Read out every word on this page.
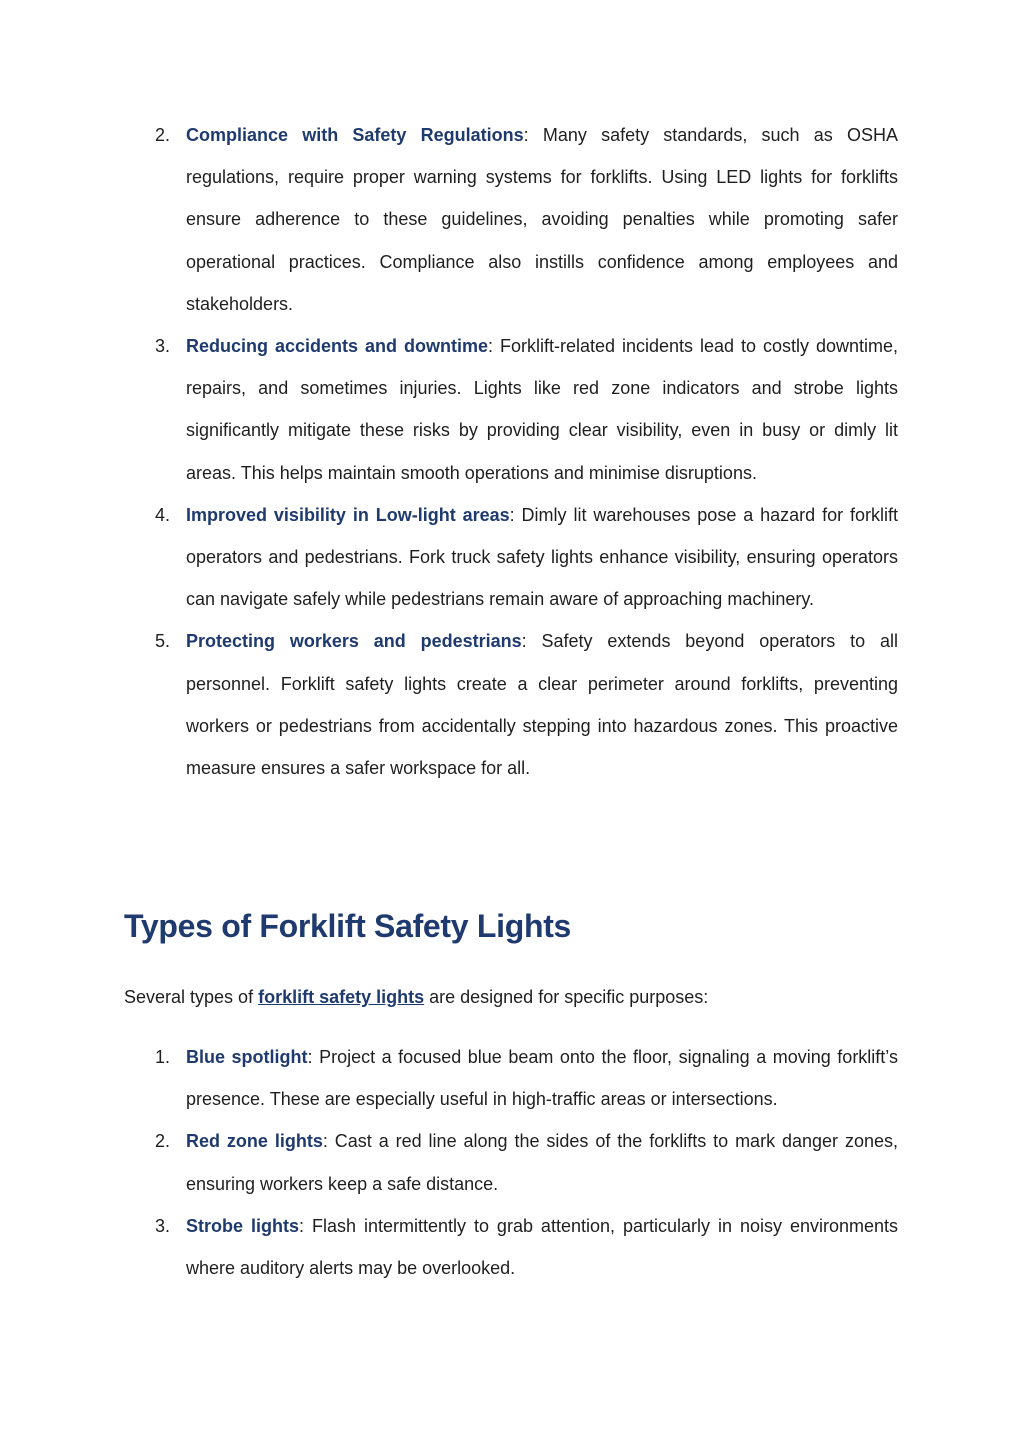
2. Compliance with Safety Regulations: Many safety standards, such as OSHA regulations, require proper warning systems for forklifts. Using LED lights for forklifts ensure adherence to these guidelines, avoiding penalties while promoting safer operational practices. Compliance also instills confidence among employees and stakeholders.
3. Reducing accidents and downtime: Forklift-related incidents lead to costly downtime, repairs, and sometimes injuries. Lights like red zone indicators and strobe lights significantly mitigate these risks by providing clear visibility, even in busy or dimly lit areas. This helps maintain smooth operations and minimise disruptions.
4. Improved visibility in Low-light areas: Dimly lit warehouses pose a hazard for forklift operators and pedestrians. Fork truck safety lights enhance visibility, ensuring operators can navigate safely while pedestrians remain aware of approaching machinery.
5. Protecting workers and pedestrians: Safety extends beyond operators to all personnel. Forklift safety lights create a clear perimeter around forklifts, preventing workers or pedestrians from accidentally stepping into hazardous zones. This proactive measure ensures a safer workspace for all.
Types of Forklift Safety Lights

Several types of forklift safety lights are designed for specific purposes:

1. Blue spotlight: Project a focused blue beam onto the floor, signaling a moving forklift’s presence. These are especially useful in high-traffic areas or intersections.
2. Red zone lights: Cast a red line along the sides of the forklifts to mark danger zones, ensuring workers keep a safe distance.
3. Strobe lights: Flash intermittently to grab attention, particularly in noisy environments where auditory alerts may be overlooked.
